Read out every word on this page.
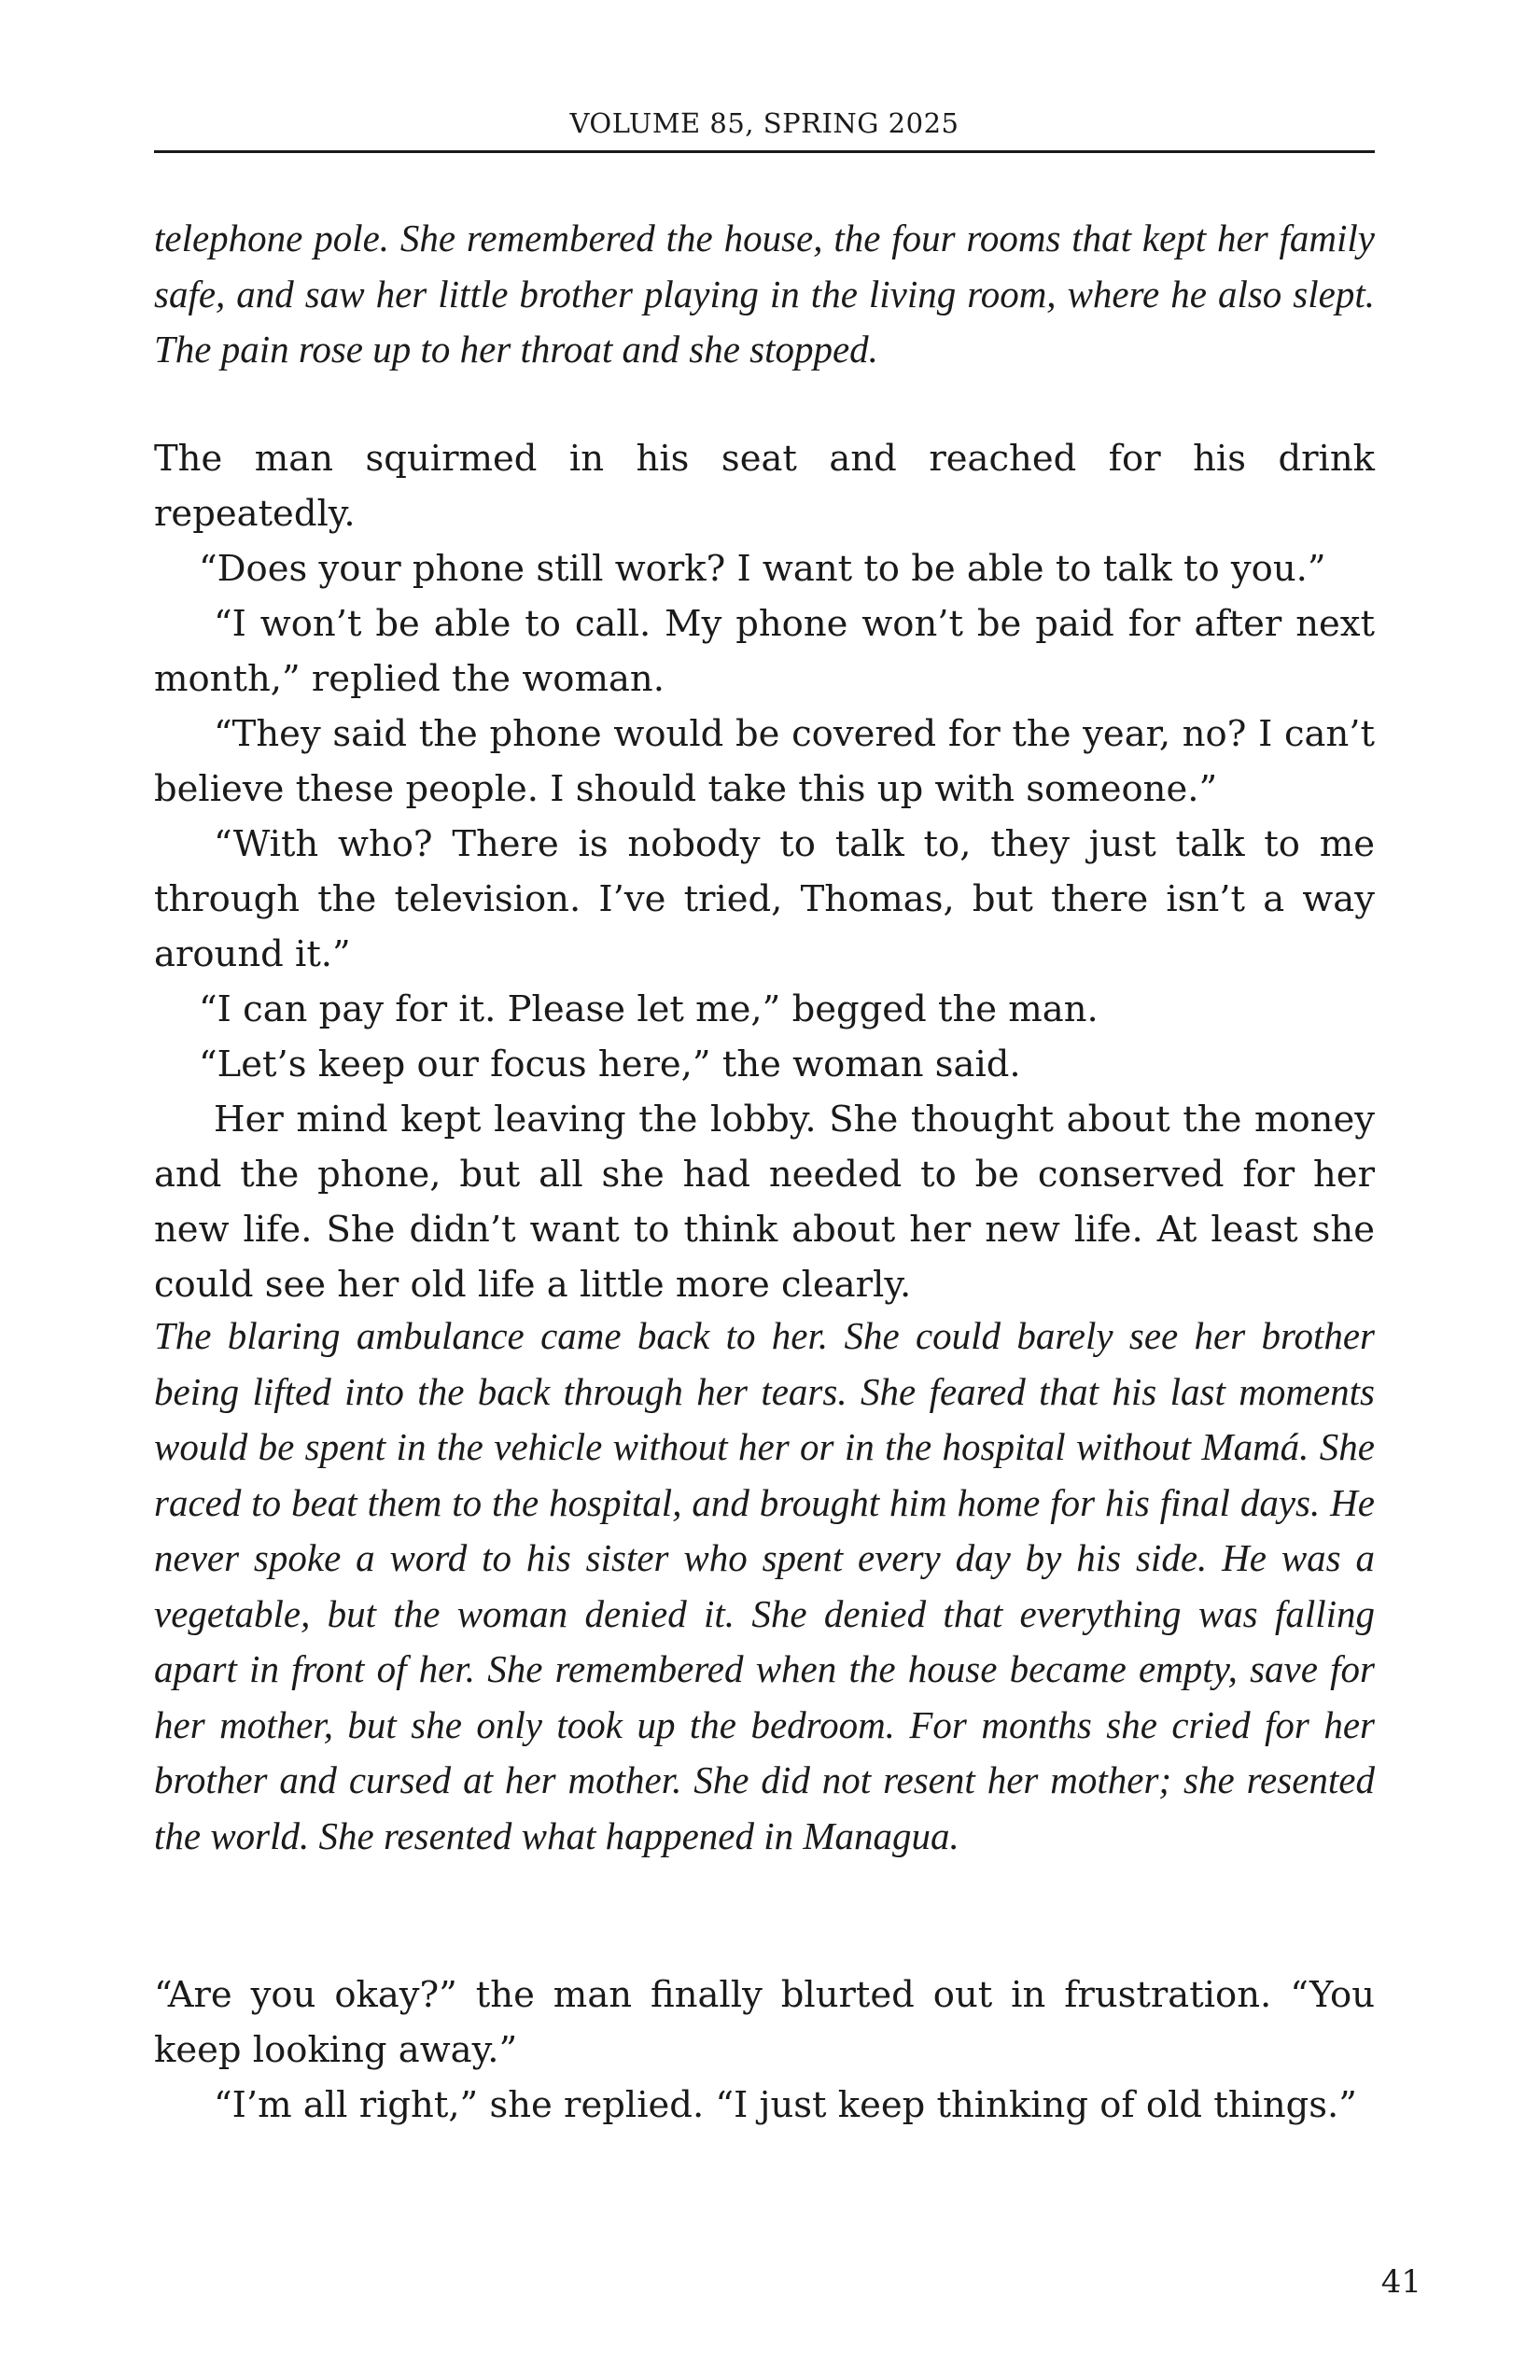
VOLUME 85, SPRING 2025

telephone pole. She remembered the house, the four rooms that kept her family safe, and saw her little brother playing in the living room, where he also slept. The pain rose up to her throat and she stopped.

The man squirmed in his seat and reached for his drink repeatedly.

“Does your phone still work? I want to be able to talk to you.”

“I won’t be able to call. My phone won’t be paid for after next month,” replied the woman.

“They said the phone would be covered for the year, no? I can’t believe these people. I should take this up with someone.”

“With who? There is nobody to talk to, they just talk to me through the television. I’ve tried, Thomas, but there isn’t a way around it.”

“I can pay for it. Please let me,” begged the man.

“Let’s keep our focus here,” the woman said.

Her mind kept leaving the lobby. She thought about the money and the phone, but all she had needed to be conserved for her new life. She didn’t want to think about her new life. At least she could see her old life a little more clearly.

The blaring ambulance came back to her. She could barely see her brother being lifted into the back through her tears. She feared that his last moments would be spent in the vehicle without her or in the hospital without Mamá. She raced to beat them to the hospital, and brought him home for his final days. He never spoke a word to his sister who spent every day by his side. He was a vegetable, but the woman denied it. She denied that everything was falling apart in front of her. She remembered when the house became empty, save for her mother, but she only took up the bedroom. For months she cried for her brother and cursed at her mother. She did not resent her mother; she resented the world. She resented what happened in Managua.

“Are you okay?” the man finally blurted out in frustration. “You keep looking away.”

“I’m all right,” she replied. “I just keep thinking of old things.”

41
